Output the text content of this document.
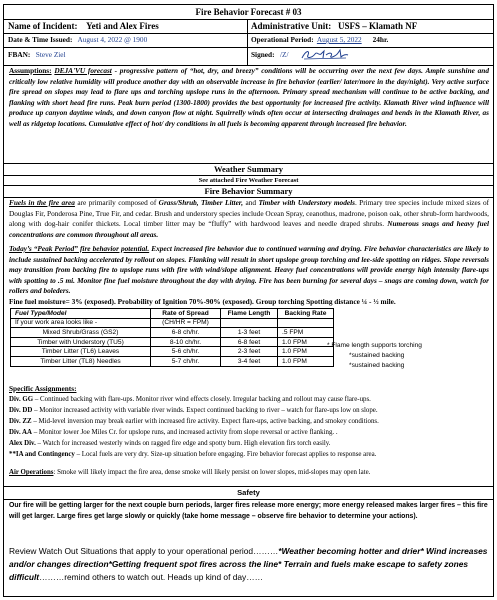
Fire Behavior Forecast # 03
Name of Incident: Yeti and Alex Fires	Administrative Unit: USFS – Klamath NF
Date & Time Issued: August 4, 2022 @ 1900	Operational Period: August 5, 2022 24hr.
FBAN: Steve Ziel	Signed: /Z/
Assumptions: DEJA'VU forecast - progressive pattern of “hot, dry, and breezy” conditions will be occurring over the next few days. Ample sunshine and critically low relative humidity will produce another day with an observable increase in fire behavior (earlier/ later/more in the day/night). Very active surface fire spread on slopes may lead to flare ups and torching upslope runs in the afternoon. Primary spread mechanism will continue to be active backing, and flanking with short head fire runs. Peak burn period (1300-1800) provides the best opportunity for increased fire activity. Klamath River wind influence will produce up canyon daytime winds, and down canyon flow at night. Squirrelly winds often occur at intersecting drainages and bends in the Klamath River, as well as ridgetop locations. Cumulative effect of hot/ dry conditions in all fuels is becoming apparent through increased fire behavior.
Weather Summary
See attached Fire Weather Forecast
Fire Behavior Summary
Fuels in the fire area are primarily composed of Grass/Shrub, Timber Litter, and Timber with Understory models. Primary tree species include mixed sizes of Douglas Fir, Ponderosa Pine, True Fir, and cedar. Brush and understory species include Ocean Spray, ceanothus, madrone, poison oak, other shrub-form hardwoods, along with dog-hair conifer thickets. Local timber litter may be “fluffy” with hardwood leaves and needle draped shrubs. Numerous snags and heavy fuel concentrations are common throughout all areas.
Today’s “Peak Period” fire behavior potential. Expect increased fire behavior due to continued warming and drying. Fire behavior characteristics are likely to include sustained backing accelerated by rollout on slopes. Flanking will result in short upslope group torching and lee-side spotting on ridges. Slope reversals may transition from backing fire to upslope runs with fire with wind/slope alignment. Heavy fuel concentrations will provide energy high intensity flare-ups with spotting to .5 mi. Monitor fine fuel moisture throughout the day with drying. Fire has been burning for several days – snags are coming down, watch for rollers and boleders.
Fine fuel moisture= 3% (exposed). Probability of Ignition 70%-90% (exposed). Group torching Spotting distance ¼ - ½ mile.
Fuel Type/Model	Rate of Spread	Flame Length	Backing Rate
If your work area looks like -	(CH/HR = FPM)		
Mixed Shrub/Grass (GS2)	6-8 ch/hr.	1-3 feet	.5 FPM
Timber with Understory (TU5)	8-10 ch/hr.	6-8 feet	1.0 FPM
Timber Litter (TL6) Leaves	5-6 ch/hr.	2-3 feet	1.0 FPM
Timber Litter (TL8) Needles	5-7 ch/hr.	3-4 feet	1.0 FPM
* Flame length supports torching
*sustained backing
*sustained backing
Specific Assignments:
Div. GG – Continued backing with flare-ups. Monitor river wind effects closely. Irregular backing and rollout may cause flare-ups.
Div. DD – Monitor increased activity with variable river winds. Expect continued backing to river – watch for flare-ups low on slope.
Div. ZZ – Mid-level inversion may break earlier with increased fire activity. Expect flare-ups, active backing, and smokey conditions.
Div. AA – Monitor lower Joe Miles Cr. for upslope runs, and increased activity from slope reversal or active flanking. .
Alex Div. – Watch for increased westerly winds on ragged fire edge and spotty burn. High elevation firs torch easily.
**IA and Contingency – Local fuels are very dry. Size-up situation before engaging. Fire behavior forecast applies to response area.
Air Operations: Smoke will likely impact the fire area, dense smoke will likely persist on lower slopes, mid-slopes may open late.
Safety
Our fire will be getting larger for the next couple burn periods, larger fires release more energy; more energy released makes larger fires – this fire will get larger. Large fires get large slowly or quickly (take home message – observe fire behavior to determine your actions).
Review Watch Out Situations that apply to your operational period………*Weather becoming hotter and drier* Wind increases and/or changes direction*Getting frequent spot fires across the line* Terrain and fuels make escape to safety zones difficult………remind others to watch out. Heads up kind of day……
